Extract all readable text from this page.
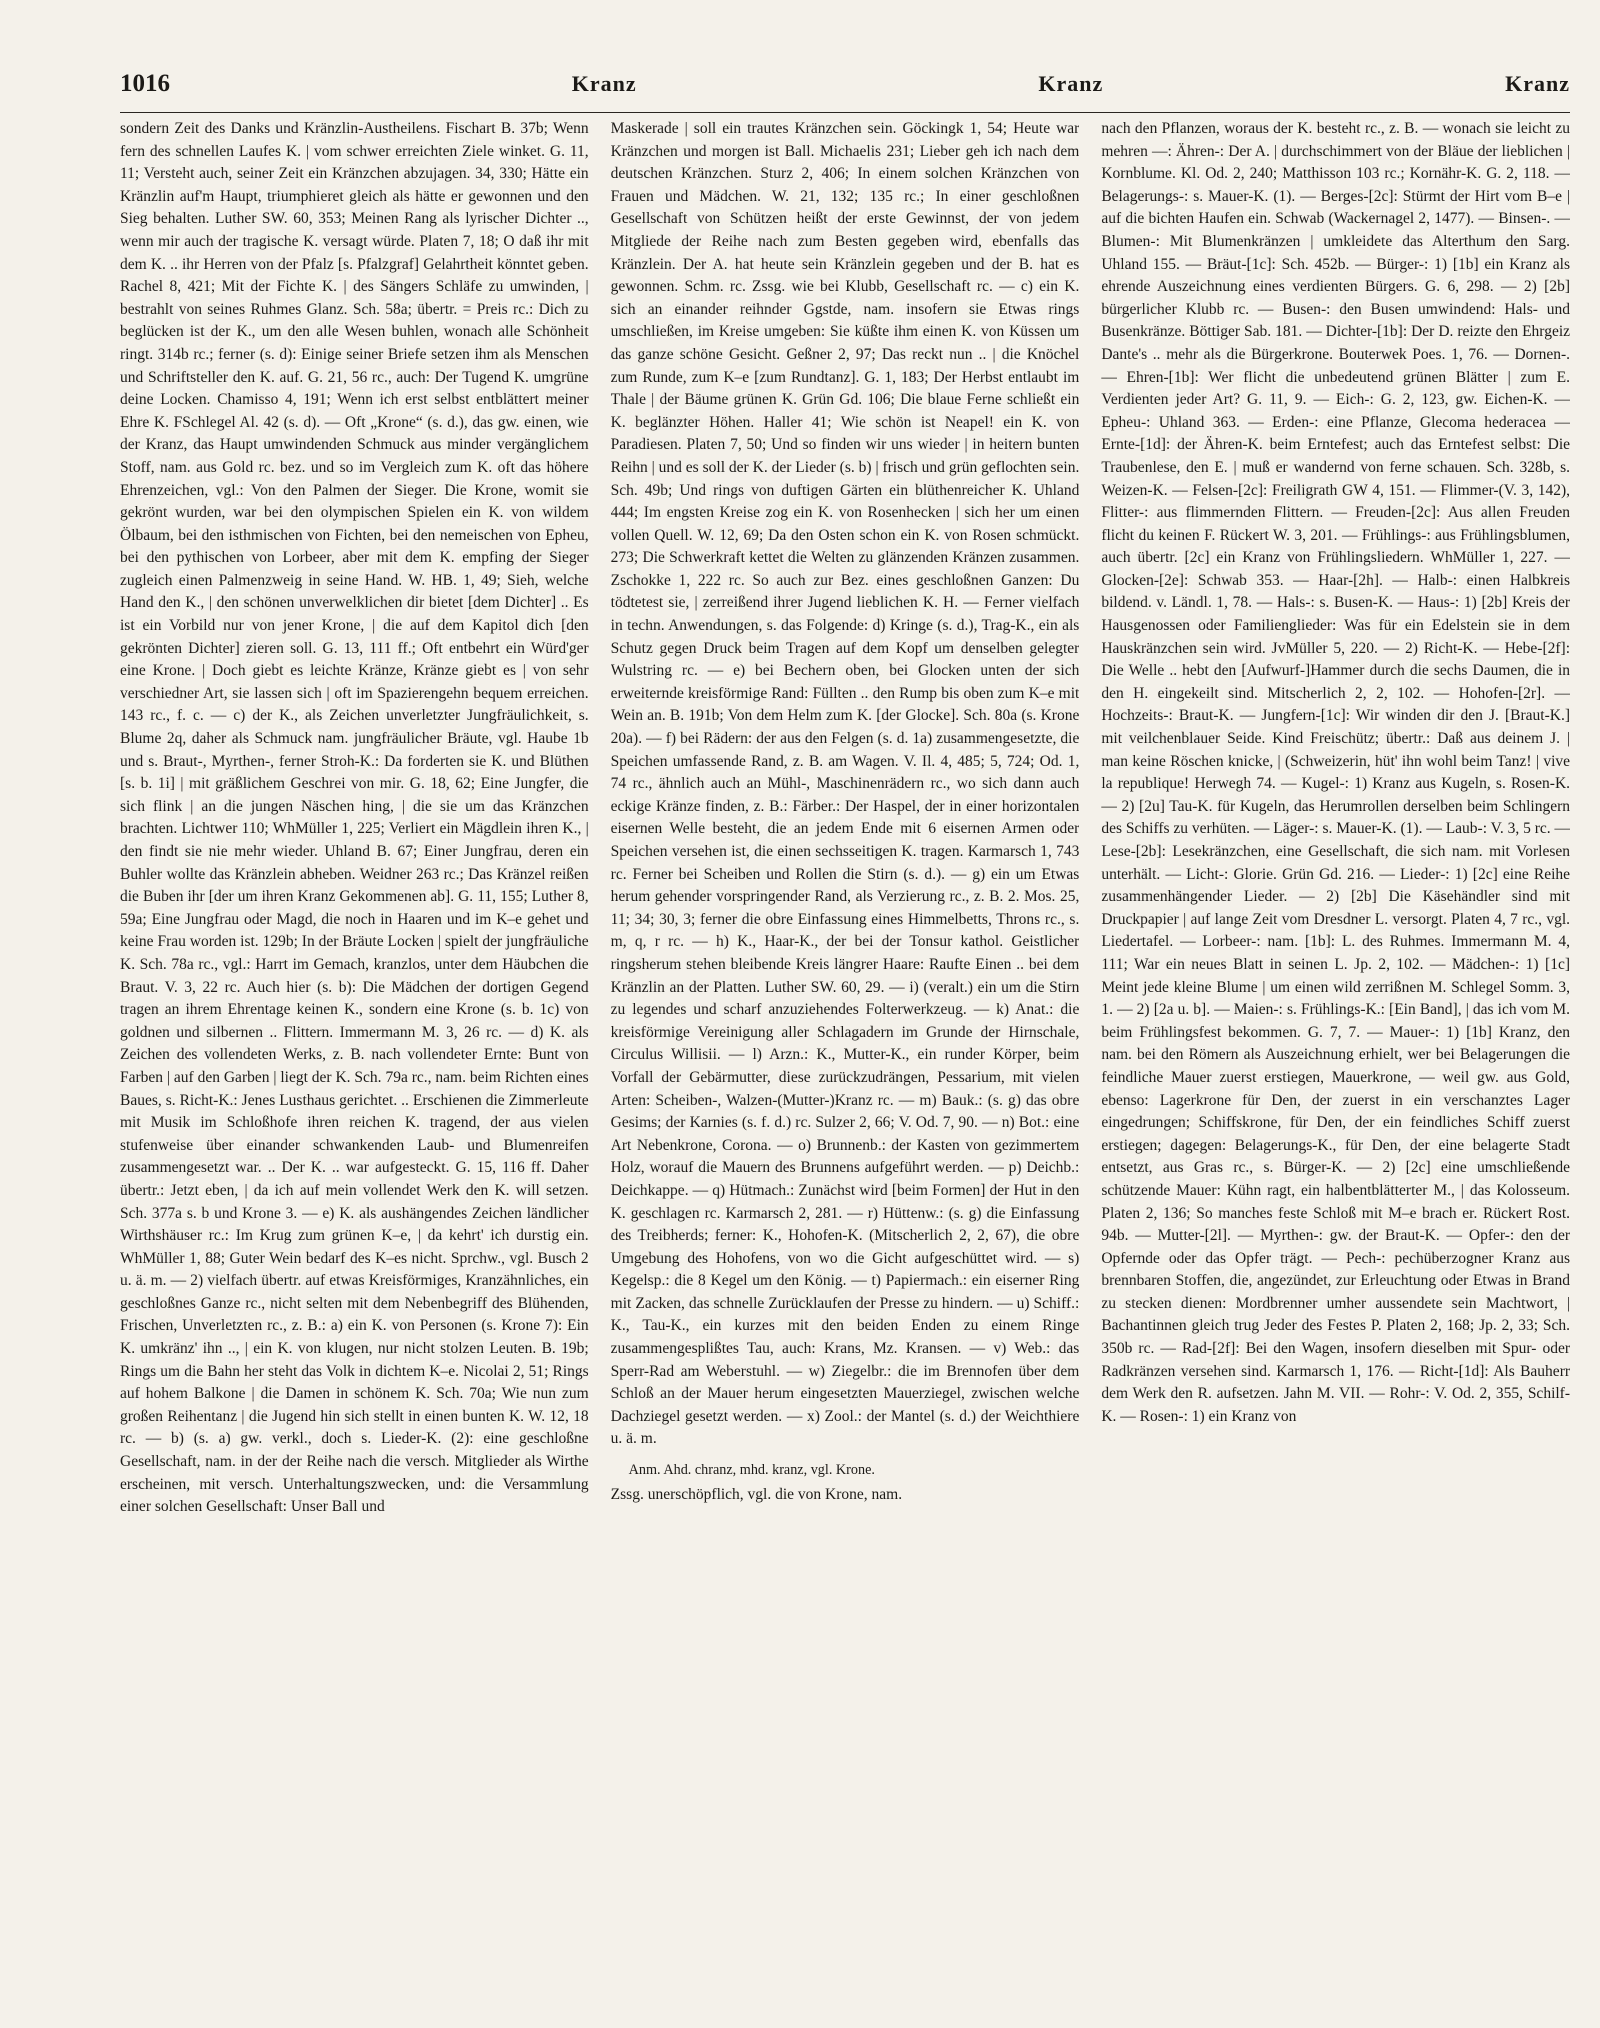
1016	Kranz	Kranz	Kranz

sondern Zeit des Danks und Kränzlin-Austheilens. Fischart B. 37b; Wenn fern des schnellen Laufes K. | vom schwer erreichten Ziele winket. G. 11, 11; Versteht auch, seiner Zeit ein Kränzchen abzujagen. 34, 330; Hätte ein Kränzlin auf'm Haupt, triumphieret gleich als hätte er gewonnen und den Sieg behalten. Luther SW. 60, 353; Meinen Rang als lyrischer Dichter .., wenn mir auch der tragische K. versagt würde. Platen 7, 18; O daß ihr mit dem K. .. ihr Herren von der Pfalz [s. Pfalzgraf] Gelahrtheit könntet geben. Rachel 8, 421; Mit der Fichte K. | des Sängers Schläfe zu umwinden, | bestrahlt von seines Ruhmes Glanz. Sch. 58a; übertr. = Preis rc.: Dich zu beglücken ist der K., um den alle Wesen buhlen, wonach alle Schönheit ringt. 314b rc.; ferner (s. d): Einige seiner Briefe setzen ihm als Menschen und Schriftsteller den K. auf. G. 21, 56 rc., auch: Der Tugend K. umgrüne deine Locken. Chamisso 4, 191; Wenn ich erst selbst entblättert meiner Ehre K. FSchlegel Al. 42 (s. d). — Oft „Krone“ (s. d.), das gw. einen, wie der Kranz, das Haupt umwindenden Schmuck aus minder vergänglichem Stoff, nam. aus Gold rc. bez. und so im Vergleich zum K. oft das höhere Ehrenzeichen, vgl.: Von den Palmen der Sieger. Die Krone, womit sie gekrönt wurden, war bei den olympischen Spielen ein K. von wildem Ölbaum, bei den isthmischen von Fichten, bei den nemeischen von Epheu, bei den pythischen von Lorbeer, aber mit dem K. empfing der Sieger zugleich einen Palmenzweig in seine Hand. W. HB. 1, 49; Sieh, welche Hand den K., | den schönen unverwelklichen dir bietet [dem Dichter] .. Es ist ein Vorbild nur von jener Krone, | die auf dem Kapitol dich [den gekrönten Dichter] zieren soll. G. 13, 111 ff.; Oft entbehrt ein Würd'ger eine Krone. | Doch giebt es leichte Kränze, Kränze giebt es | von sehr verschiedner Art, sie lassen sich | oft im Spazierengehn bequem erreichen. 143 rc., f. c. — c) der K., als Zeichen unverletzter Jungfräulichkeit, s. Blume 2q, daher als Schmuck nam. jungfräulicher Bräute, vgl. Haube 1b und s. Braut-, Myrthen-, ferner Stroh-K.: Da forderten sie K. und Blüthen [s. b. 1i] | mit gräßlichem Geschrei von mir. G. 18, 62; Eine Jungfer, die sich flink | an die jungen Näschen hing, | die sie um das Kränzchen brachten. Lichtwer 110; WhMüller 1, 225; Verliert ein Mägdlein ihren K., | den findt sie nie mehr wieder. Uhland B. 67; Einer Jungfrau, deren ein Buhler wollte das Kränzlein abheben. Weidner 263 rc.; Das Kränzel reißen die Buben ihr [der um ihren Kranz Gekommenen ab]. G. 11, 155; Luther 8, 59a; Eine Jungfrau oder Magd, die noch in Haaren und im K–e gehet und keine Frau worden ist. 129b; In der Bräute Locken | spielt der jungfräuliche K. Sch. 78a rc., vgl.: Harrt im Gemach, kranzlos, unter dem Häubchen die Braut. V. 3, 22 rc. Auch hier (s. b): Die Mädchen der dortigen Gegend tragen an ihrem Ehrentage keinen K., sondern eine Krone (s. b. 1c) von goldnen und silbernen .. Flittern. Immermann M. 3, 26 rc. — d) K. als Zeichen des vollendeten Werks, z. B. nach vollendeter Ernte: Bunt von Farben | auf den Garben | liegt der K. Sch. 79a rc., nam. beim Richten eines Baues, s. Richt-K.: Jenes Lusthaus gerichtet. .. Erschienen die Zimmerleute mit Musik im Schloßhofe ihren reichen K. tragend, der aus vielen stufenweise über einander schwankenden Laub- und Blumenreifen zusammengesetzt war. .. Der K. .. war aufgesteckt. G. 15, 116 ff. Daher übertr.: Jetzt eben, | da ich auf mein vollendet Werk den K. will setzen. Sch. 377a s. b und Krone 3. — e) K. als aushängendes Zeichen ländlicher Wirthshäuser rc.: Im Krug zum grünen K–e, | da kehrt' ich durstig ein. WhMüller 1, 88; Guter Wein bedarf des K–es nicht. Sprchw., vgl. Busch 2 u. ä. m. — 2) vielfach übertr. auf etwas Kreisförmiges, Kranzähnliches, ein geschloßnes Ganze rc., nicht selten mit dem Nebenbegriff des Blühenden, Frischen, Unverletzten rc., z. B.: a) ein K. von Personen (s. Krone 7): Ein K. umkränz' ihn .., | ein K. von klugen, nur nicht stolzen Leuten. B. 19b; Rings um die Bahn her steht das Volk in dichtem K–e. Nicolai 2, 51; Rings auf hohem Balkone | die Damen in schönem K. Sch. 70a; Wie nun zum großen Reihentanz | die Jugend hin sich stellt in einen bunten K. W. 12, 18 rc. — b) (s. a) gw. verkl., doch s. Lieder-K. (2): eine geschloßne Gesellschaft, nam. in der der Reihe nach die versch. Mitglieder als Wirthe erscheinen, mit versch. Unterhaltungszwecken, und: die Versammlung einer solchen Gesellschaft: Unser Ball und

Maskerade | soll ein trautes Kränzchen sein. Göckingk 1, 54; Heute war Kränzchen und morgen ist Ball. Michaelis 231; Lieber geh ich nach dem deutschen Kränzchen. Sturz 2, 406; In einem solchen Kränzchen von Frauen und Mädchen. W. 21, 132; 135 rc.; In einer geschloßnen Gesellschaft von Schützen heißt der erste Gewinnst, der von jedem Mitgliede der Reihe nach zum Besten gegeben wird, ebenfalls das Kränzlein. Der A. hat heute sein Kränzlein gegeben und der B. hat es gewonnen. Schm. rc. Zssg. wie bei Klubb, Gesellschaft rc. — c) ein K. sich an einander reihnder Ggstde, nam. insofern sie Etwas rings umschließen, im Kreise umgeben: Sie küßte ihm einen K. von Küssen um das ganze schöne Gesicht. Geßner 2, 97; Das reckt nun .. | die Knöchel zum Runde, zum K–e [zum Rundtanz]. G. 1, 183; Der Herbst entlaubt im Thale | der Bäume grünen K. Grün Gd. 106; Die blaue Ferne schließt ein K. beglänzter Höhen. Haller 41; Wie schön ist Neapel! ein K. von Paradiesen. Platen 7, 50; Und so finden wir uns wieder | in heitern bunten Reihn | und es soll der K. der Lieder (s. b) | frisch und grün geflochten sein. Sch. 49b; Und rings von duftigen Gärten ein blüthenreicher K. Uhland 444; Im engsten Kreise zog ein K. von Rosenhecken | sich her um einen vollen Quell. W. 12, 69; Da den Osten schon ein K. von Rosen schmückt. 273; Die Schwerkraft kettet die Welten zu glänzenden Kränzen zusammen. Zschokke 1, 222 rc. So auch zur Bez. eines geschloßnen Ganzen: Du tödtetest sie, | zerreißend ihrer Jugend lieblichen K. H. — Ferner vielfach in techn. Anwendungen, s. das Folgende: d) Kringe (s. d.), Trag-K., ein als Schutz gegen Druck beim Tragen auf dem Kopf um denselben gelegter Wulstring rc. — e) bei Bechern oben, bei Glocken unten der sich erweiternde kreisförmige Rand: Füllten .. den Rump bis oben zum K–e mit Wein an. B. 191b; Von dem Helm zum K. [der Glocke]. Sch. 80a (s. Krone 20a). — f) bei Rädern: der aus den Felgen (s. d. 1a) zusammengesetzte, die Speichen umfassende Rand, z. B. am Wagen. V. Il. 4, 485; 5, 724; Od. 1, 74 rc., ähnlich auch an Mühl-, Maschinenrädern rc., wo sich dann auch eckige Kränze finden, z. B.: Färber.: Der Haspel, der in einer horizontalen eisernen Welle besteht, die an jedem Ende mit 6 eisernen Armen oder Speichen versehen ist, die einen sechsseitigen K. tragen. Karmarsch 1, 743 rc. Ferner bei Scheiben und Rollen die Stirn (s. d.). — g) ein um Etwas herum gehender vorspringender Rand, als Verzierung rc., z. B. 2. Mos. 25, 11; 34; 30, 3; ferner die obre Einfassung eines Himmelbetts, Throns rc., s. m, q, r rc. — h) K., Haar-K., der bei der Tonsur kathol. Geistlicher ringsherum stehen bleibende Kreis längrer Haare: Raufte Einen .. bei dem Kränzlin an der Platten. Luther SW. 60, 29. — i) (veralt.) ein um die Stirn zu legendes und scharf anzuziehendes Folterwerkzeug. — k) Anat.: die kreisförmige Vereinigung aller Schlagadern im Grunde der Hirnschale, Circulus Willisii. — l) Arzn.: K., Mutter-K., ein runder Körper, beim Vorfall der Gebärmutter, diese zurückzudrängen, Pessarium, mit vielen Arten: Scheiben-, Walzen-(Mutter-)Kranz rc. — m) Bauk.: (s. g) das obre Gesims; der Karnies (s. f. d.) rc. Sulzer 2, 66; V. Od. 7, 90. — n) Bot.: eine Art Nebenkrone, Corona. — o) Brunnenb.: der Kasten von gezimmertem Holz, worauf die Mauern des Brunnens aufgeführt werden. — p) Deichb.: Deichkappe. — q) Hütmach.: Zunächst wird [beim Formen] der Hut in den K. geschlagen rc. Karmarsch 2, 281. — r) Hüttenw.: (s. g) die Einfassung des Treibherds; ferner: K., Hohofen-K. (Mitscherlich 2, 2, 67), die obre Umgebung des Hohofens, von wo die Gicht aufgeschüttet wird. — s) Kegelsp.: die 8 Kegel um den König. — t) Papiermach.: ein eiserner Ring mit Zacken, das schnelle Zurücklaufen der Presse zu hindern. — u) Schiff.: K., Tau-K., ein kurzes mit den beiden Enden zu einem Ringe zusammengesplißtes Tau, auch: Krans, Mz. Kransen. — v) Web.: das Sperr-Rad am Weberstuhl. — w) Ziegelbr.: die im Brennofen über dem Schloß an der Mauer herum eingesetzten Mauerziegel, zwischen welche Dachziegel gesetzt werden. — x) Zool.: der Mantel (s. d.) der Weichthiere u. ä. m.

Anm. Ahd. chranz, mhd. kranz, vgl. Krone.

Zssg. unerschöpflich, vgl. die von Krone, nam.

nach den Pflanzen, woraus der K. besteht rc., z. B. — wonach sie leicht zu mehren —: Ähren-: Der A. | durchschimmert von der Bläue der lieblichen | Kornblume. Kl. Od. 2, 240; Matthisson 103 rc.; Kornähr-K. G. 2, 118. — Belagerungs-: s. Mauer-K. (1). — Berges-[2c]: Stürmt der Hirt vom B–e | auf die bichten Haufen ein. Schwab (Wackernagel 2, 1477). — Binsen-. — Blumen-: Mit Blumenkränzen | umkleidete das Alterthum den Sarg. Uhland 155. — Bräut-[1c]: Sch. 452b. — Bürger-: 1) [1b] ein Kranz als ehrende Auszeichnung eines verdienten Bürgers. G. 6, 298. — 2) [2b] bürgerlicher Klubb rc. — Busen-: den Busen umwindend: Hals- und Busenkränze. Böttiger Sab. 181. — Dichter-[1b]: Der D. reizte den Ehrgeiz Dante's .. mehr als die Bürgerkrone. Bouterwek Poes. 1, 76. — Dornen-. — Ehren-[1b]: Wer flicht die unbedeutend grünen Blätter | zum E. Verdienten jeder Art? G. 11, 9. — Eich-: G. 2, 123, gw. Eichen-K. — Epheu-: Uhland 363. — Erden-: eine Pflanze, Glecoma hederacea — Ernte-[1d]: der Ähren-K. beim Erntefest; auch das Erntefest selbst: Die Traubenlese, den E. | muß er wandernd von ferne schauen. Sch. 328b, s. Weizen-K. — Felsen-[2c]: Freiligrath GW 4, 151. — Flimmer-(V. 3, 142), Flitter-: aus flimmernden Flittern. — Freuden-[2c]: Aus allen Freuden flicht du keinen F. Rückert W. 3, 201. — Frühlings-: aus Frühlingsblumen, auch übertr. [2c] ein Kranz von Frühlingsliedern. WhMüller 1, 227. — Glocken-[2e]: Schwab 353. — Haar-[2h]. — Halb-: einen Halbkreis bildend. v. Ländl. 1, 78. — Hals-: s. Busen-K. — Haus-: 1) [2b] Kreis der Hausgenossen oder Familienglieder: Was für ein Edelstein sie in dem Hauskränzchen sein wird. JvMüller 5, 220. — 2) Richt-K. — Hebe-[2f]: Die Welle .. hebt den [Aufwurf-]Hammer durch die sechs Daumen, die in den H. eingekeilt sind. Mitscherlich 2, 2, 102. — Hohofen-[2r]. — Hochzeits-: Braut-K. — Jungfern-[1c]: Wir winden dir den J. [Braut-K.] mit veilchenblauer Seide. Kind Freischütz; übertr.: Daß aus deinem J. | man keine Röschen knicke, | (Schweizerin, hüt' ihn wohl beim Tanz! | vive la republique! Herwegh 74. — Kugel-: 1) Kranz aus Kugeln, s. Rosen-K. — 2) [2u] Tau-K. für Kugeln, das Herumrollen derselben beim Schlingern des Schiffs zu verhüten. — Läger-: s. Mauer-K. (1). — Laub-: V. 3, 5 rc. — Lese-[2b]: Lesekränzchen, eine Gesellschaft, die sich nam. mit Vorlesen unterhält. — Licht-: Glorie. Grün Gd. 216. — Lieder-: 1) [2c] eine Reihe zusammenhängender Lieder. — 2) [2b] Die Käsehändler sind mit Druckpapier | auf lange Zeit vom Dresdner L. versorgt. Platen 4, 7 rc., vgl. Liedertafel. — Lorbeer-: nam. [1b]: L. des Ruhmes. Immermann M. 4, 111; War ein neues Blatt in seinen L. Jp. 2, 102. — Mädchen-: 1) [1c] Meint jede kleine Blume | um einen wild zerrißnen M. Schlegel Somm. 3, 1. — 2) [2a u. b]. — Maien-: s. Frühlings-K.: [Ein Band], | das ich vom M. beim Frühlingsfest bekommen. G. 7, 7. — Mauer-: 1) [1b] Kranz, den nam. bei den Römern als Auszeichnung erhielt, wer bei Belagerungen die feindliche Mauer zuerst erstiegen, Mauerkrone, — weil gw. aus Gold, ebenso: Lagerkrone für Den, der zuerst in ein verschanztes Lager eingedrungen; Schiffskrone, für Den, der ein feindliches Schiff zuerst erstiegen; dagegen: Belagerungs-K., für Den, der eine belagerte Stadt entsetzt, aus Gras rc., s. Bürger-K. — 2) [2c] eine umschließende schützende Mauer: Kühn ragt, ein halbentblätterter M., | das Kolosseum. Platen 2, 136; So manches feste Schloß mit M–e brach er. Rückert Rost. 94b. — Mutter-[2l]. — Myrthen-: gw. der Braut-K. — Opfer-: den der Opfernde oder das Opfer trägt. — Pech-: pechüberzogner Kranz aus brennbaren Stoffen, die, angezündet, zur Erleuchtung oder Etwas in Brand zu stecken dienen: Mordbrenner umher aussendete sein Machtwort, | Bachantinnen gleich trug Jeder des Festes P. Platen 2, 168; Jp. 2, 33; Sch. 350b rc. — Rad-[2f]: Bei den Wagen, insofern dieselben mit Spur- oder Radkränzen versehen sind. Karmarsch 1, 176. — Richt-[1d]: Als Bauherr dem Werk den R. aufsetzen. Jahn M. VII. — Rohr-: V. Od. 2, 355, Schilf-K. — Rosen-: 1) ein Kranz von
